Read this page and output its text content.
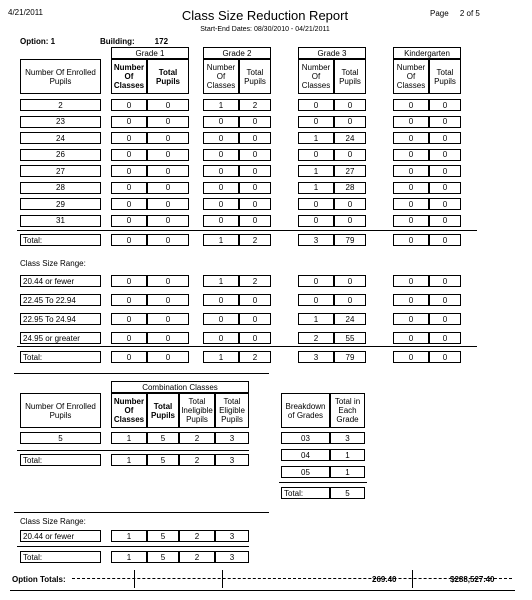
4/21/2011	Class Size Reduction Report	Page 2 of 5
Start-End Dates: 08/30/2010 - 04/21/2011
Option: 1	Building:	172
Number Of Enrolled Pupils
Grade 1
Number Of Classes
Total Pupils
Grade 2
Number Of Classes
Total Pupils
Grade 3
Number Of Classes
Total Pupils
Kindergarten
Number Of Classes
Total Pupils
2	0	0	1	2	0	0	0	0
23	0	0	0	0	0	0	0	0
24	0	0	0	0	1	24	0	0
26	0	0	0	0	0	0	0	0
27	0	0	0	0	1	27	0	0
28	0	0	0	0	1	28	0	0
29	0	0	0	0	0	0	0	0
31	0	0	0	0	0	0	0	0
Total:	0	0	1	2	3	79	0	0
20.44 or fewer	0	0	1	2	0	0	0	0
22.45 To 22.94	0	0	0	0	0	0	0	0
22.95 To 24.94	0	0	0	0	1	24	0	0
24.95 or greater	0	0	0	0	2	55	0	0
Total:	0	0	1	2	3	79	0	0
Class Size Range:
Number Of Enrolled Pupils
Combination Classes
Number Of Classes
Total Pupils
Total Ineligible Pupils
Total Eligible Pupils
5	1	5	2	3
Total:	1	5	2	3
20.44 or fewer	1	5	2	3
Total:	1	5	2	3
Class Size Range:
Breakdown of Grades
Total in Each Grade
03	3
04	1
05	1
Total:	5
Option Totals:	269.40	$288,527.40
